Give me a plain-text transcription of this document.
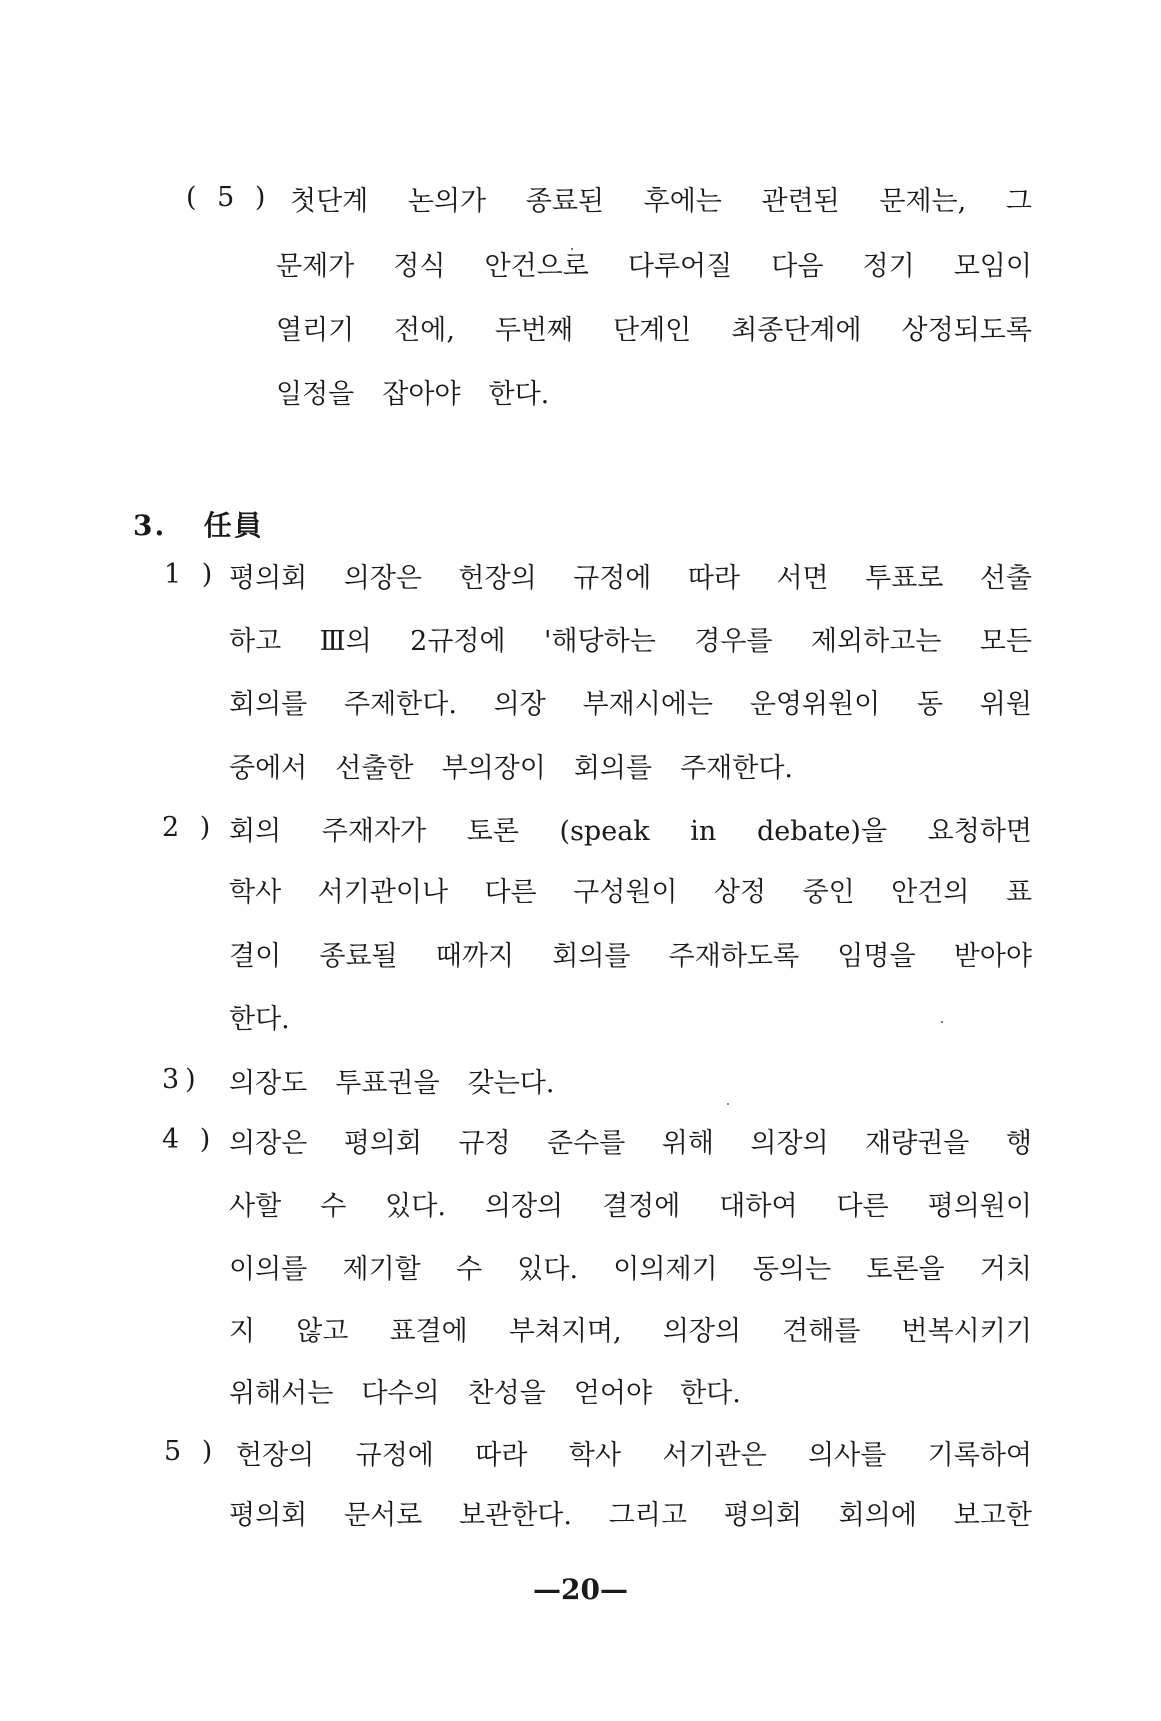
( 5 ) 첫단계 논의가 종료된 후에는 관련된 문제는, 그
문제가 정식 안건으로 다루어질 다음 정기 모임이
열리기 전에, 두번째 단계인 최종단계에 상정되도록
일정을 잡아야 한다.
3. 任員
1 ) 평의회 의장은 헌장의 규정에 따라 서면 투표로 선출
하고 Ⅲ의 2규정에 '해당하는 경우를 제외하고는 모든
회의를 주제한다. 의장 부재시에는 운영위원이 동 위원
중에서 선출한 부의장이 회의를 주재한다.
2 ) 회의 주재자가 토론 (speak in debate)을 요청하면
학사 서기관이나 다른 구성원이 상정 중인 안건의 표
결이 종료될 때까지 회의를 주재하도록 임명을 받아야
한다.
3) 의장도 투표권을 갖는다.
4 ) 의장은 평의회 규정 준수를 위해 의장의 재량권을 행
사할 수 있다. 의장의 결정에 대하여 다른 평의원이
이의를 제기할 수 있다. 이의제기 동의는 토론을 거치
지 않고 표결에 부쳐지며, 의장의 견해를 번복시키기
위해서는 다수의 찬성을 얻어야 한다.
5 ) 헌장의 규정에 따라 학사 서기관은 의사를 기록하여
평의회 문서로 보관한다. 그리고 평의회 회의에 보고한
—20—
